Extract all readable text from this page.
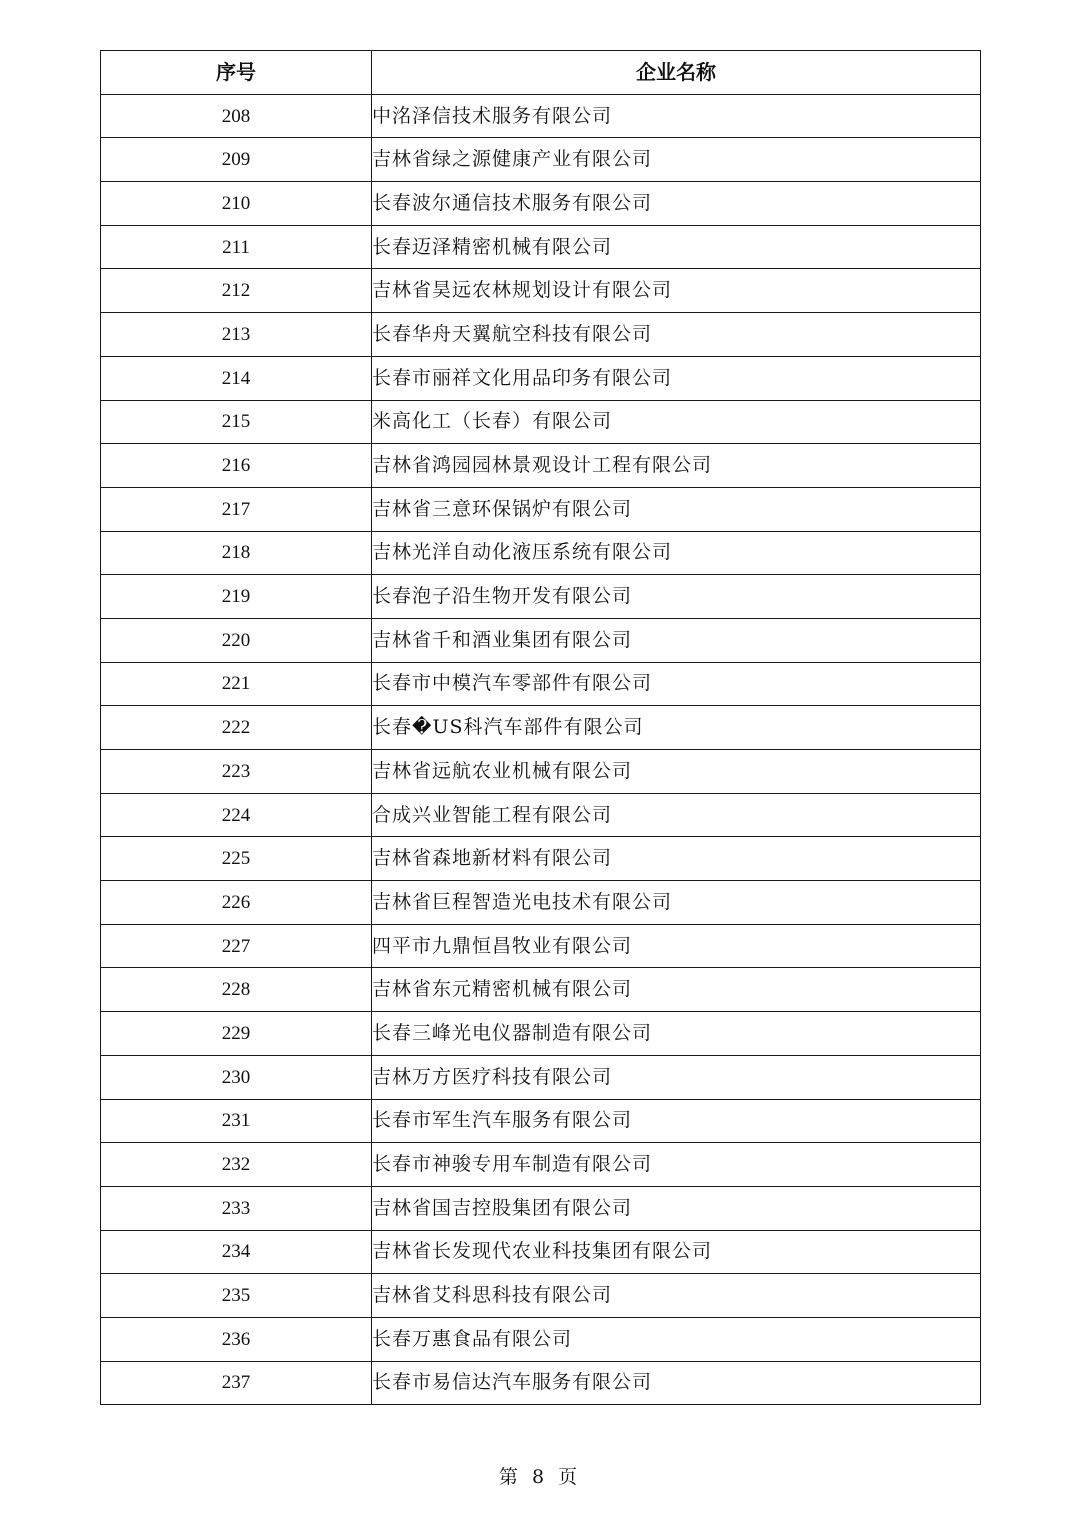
序号	企业名称
208	中洺泽信技术服务有限公司
209	吉林省绿之源健康产业有限公司
210	长春波尔通信技术服务有限公司
211	长春迈泽精密机械有限公司
212	吉林省昊远农林规划设计有限公司
213	长春华舟天翼航空科技有限公司
214	长春市丽祥文化用品印务有限公司
215	米高化工（长春）有限公司
216	吉林省鸿园园林景观设计工程有限公司
217	吉林省三意环保锅炉有限公司
218	吉林光洋自动化液压系统有限公司
219	长春泡子沿生物开发有限公司
220	吉林省千和酒业集团有限公司
221	长春市中模汽车零部件有限公司
222	长春�US科汽车部件有限公司
223	吉林省远航农业机械有限公司
224	合成兴业智能工程有限公司
225	吉林省森地新材料有限公司
226	吉林省巨程智造光电技术有限公司
227	四平市九鼎恒昌牧业有限公司
228	吉林省东元精密机械有限公司
229	长春三峰光电仪器制造有限公司
230	吉林万方医疗科技有限公司
231	长春市军生汽车服务有限公司
232	长春市神骏专用车制造有限公司
233	吉林省国吉控股集团有限公司
234	吉林省长发现代农业科技集团有限公司
235	吉林省艾科思科技有限公司
236	长春万惠食品有限公司
237	长春市易信达汽车服务有限公司
第 8 页
